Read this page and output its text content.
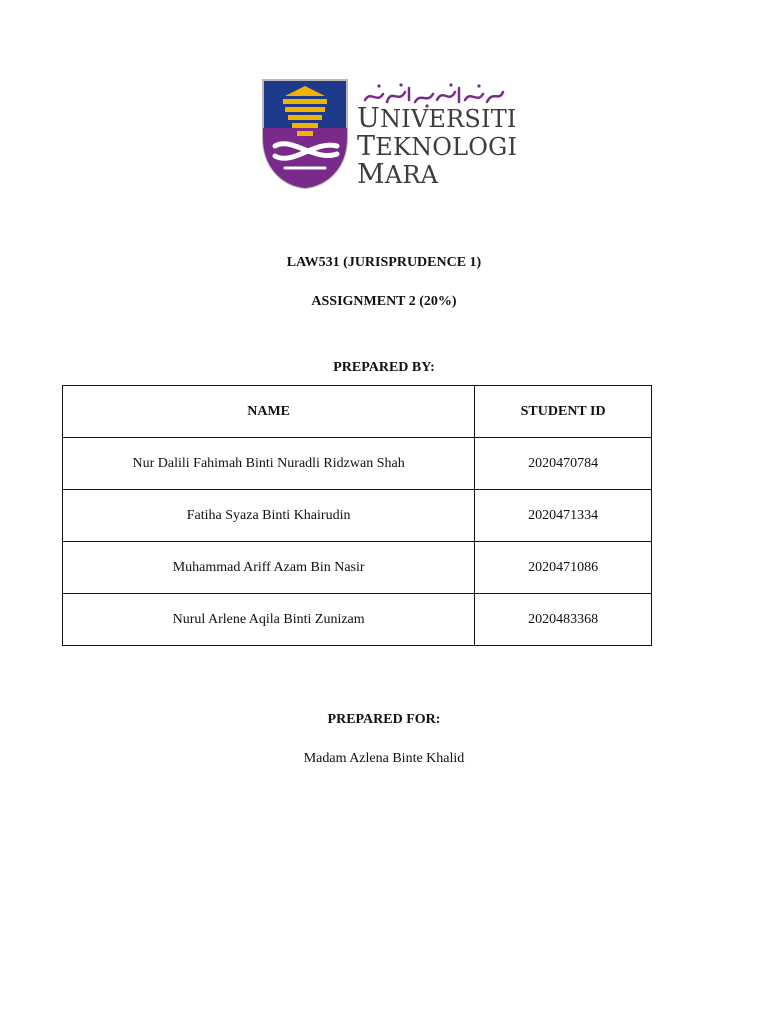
UNIVERSITI
TEKNOLOGI
MARA
LAW531 (JURISPRUDENCE 1)
ASSIGNMENT 2 (20%)
PREPARED BY:
NAME	STUDENT ID
Nur Dalili Fahimah Binti Nuradli Ridzwan Shah	2020470784
Fatiha Syaza Binti Khairudin	2020471334
Muhammad Ariff Azam Bin Nasir	2020471086
Nurul Arlene Aqila Binti Zunizam	2020483368
PREPARED FOR:
Madam Azlena Binte Khalid
